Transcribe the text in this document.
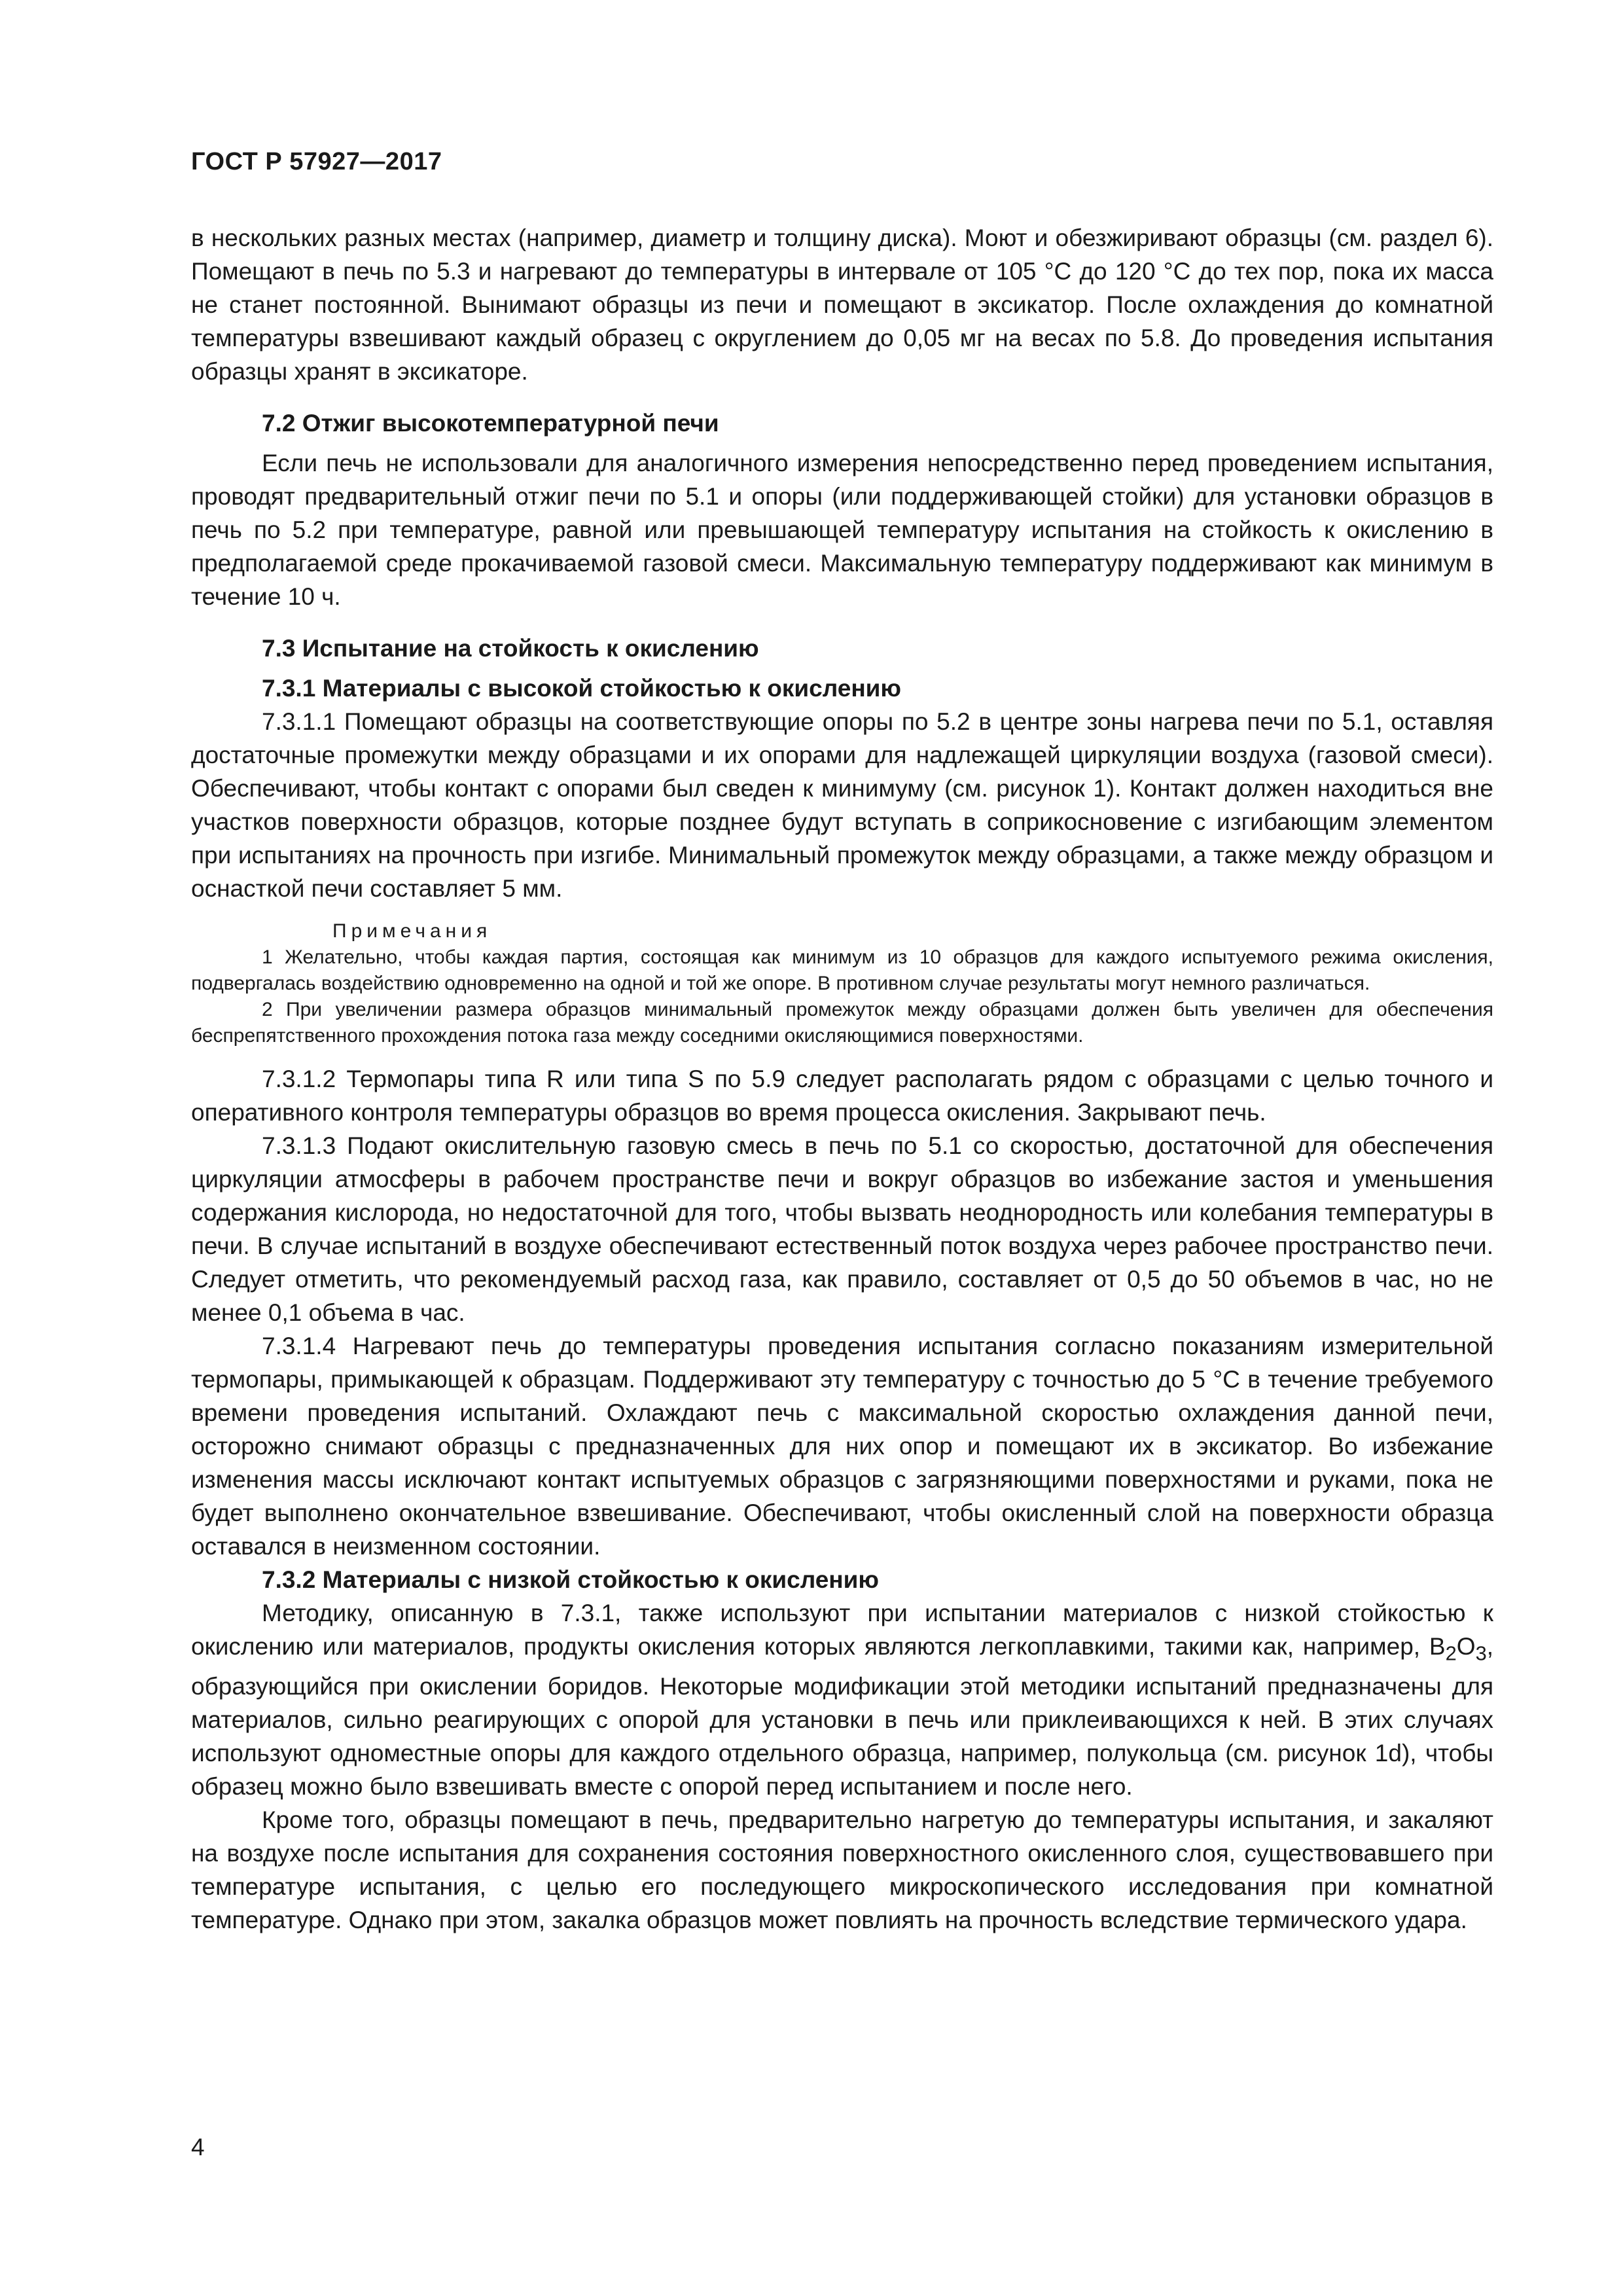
ГОСТ Р 57927—2017

в нескольких разных местах (например, диаметр и толщину диска). Моют и обезжиривают образцы (см. раздел 6). Помещают в печь по 5.3 и нагревают до температуры в интервале от 105 °С до 120 °С до тех пор, пока их масса не станет постоянной. Вынимают образцы из печи и помещают в эксикатор. После охлаждения до комнатной температуры взвешивают каждый образец с округлением до 0,05 мг на весах по 5.8. До проведения испытания образцы хранят в эксикаторе.

7.2 Отжиг высокотемпературной печи

Если печь не использовали для аналогичного измерения непосредственно перед проведением испытания, проводят предварительный отжиг печи по 5.1 и опоры (или поддерживающей стойки) для установки образцов в печь по 5.2 при температуре, равной или превышающей температуру испытания на стойкость к окислению в предполагаемой среде прокачиваемой газовой смеси. Максимальную температуру поддерживают как минимум в течение 10 ч.

7.3 Испытание на стойкость к окислению
7.3.1 Материалы с высокой стойкостью к окислению

7.3.1.1 Помещают образцы на соответствующие опоры по 5.2 в центре зоны нагрева печи по 5.1, оставляя достаточные промежутки между образцами и их опорами для надлежащей циркуляции воздуха (газовой смеси). Обеспечивают, чтобы контакт с опорами был сведен к минимуму (см. рисунок 1). Контакт должен находиться вне участков поверхности образцов, которые позднее будут вступать в соприкосновение с изгибающим элементом при испытаниях на прочность при изгибе. Минимальный промежуток между образцами, а также между образцом и оснасткой печи составляет 5 мм.

Примечания

1 Желательно, чтобы каждая партия, состоящая как минимум из 10 образцов для каждого испытуемого режима окисления, подвергалась воздействию одновременно на одной и той же опоре. В противном случае результаты могут немного различаться.

2 При увеличении размера образцов минимальный промежуток между образцами должен быть увеличен для обеспечения беспрепятственного прохождения потока газа между соседними окисляющимися поверхностями.

7.3.1.2 Термопары типа R или типа S по 5.9 следует располагать рядом с образцами с целью точного и оперативного контроля температуры образцов во время процесса окисления. Закрывают печь.

7.3.1.3 Подают окислительную газовую смесь в печь по 5.1 со скоростью, достаточной для обеспечения циркуляции атмосферы в рабочем пространстве печи и вокруг образцов во избежание застоя и уменьшения содержания кислорода, но недостаточной для того, чтобы вызвать неоднородность или колебания температуры в печи. В случае испытаний в воздухе обеспечивают естественный поток воздуха через рабочее пространство печи. Следует отметить, что рекомендуемый расход газа, как правило, составляет от 0,5 до 50 объемов в час, но не менее 0,1 объема в час.

7.3.1.4 Нагревают печь до температуры проведения испытания согласно показаниям измерительной термопары, примыкающей к образцам. Поддерживают эту температуру с точностью до 5 °С в течение требуемого времени проведения испытаний. Охлаждают печь с максимальной скоростью охлаждения данной печи, осторожно снимают образцы с предназначенных для них опор и помещают их в эксикатор. Во избежание изменения массы исключают контакт испытуемых образцов с загрязняющими поверхностями и руками, пока не будет выполнено окончательное взвешивание. Обеспечивают, чтобы окисленный слой на поверхности образца оставался в неизменном состоянии.

7.3.2 Материалы с низкой стойкостью к окислению

Методику, описанную в 7.3.1, также используют при испытании материалов с низкой стойкостью к окислению или материалов, продукты окисления которых являются легкоплавкими, такими как, например, $B_2O_3$, образующийся при окислении боридов. Некоторые модификации этой методики испытаний предназначены для материалов, сильно реагирующих с опорой для установки в печь или приклеивающихся к ней. В этих случаях используют одноместные опоры для каждого отдельного образца, например, полукольца (см. рисунок 1d), чтобы образец можно было взвешивать вместе с опорой перед испытанием и после него.

Кроме того, образцы помещают в печь, предварительно нагретую до температуры испытания, и закаляют на воздухе после испытания для сохранения состояния поверхностного окисленного слоя, существовавшего при температуре испытания, с целью его последующего микроскопического исследования при комнатной температуре. Однако при этом, закалка образцов может повлиять на прочность вследствие термического удара.

4
